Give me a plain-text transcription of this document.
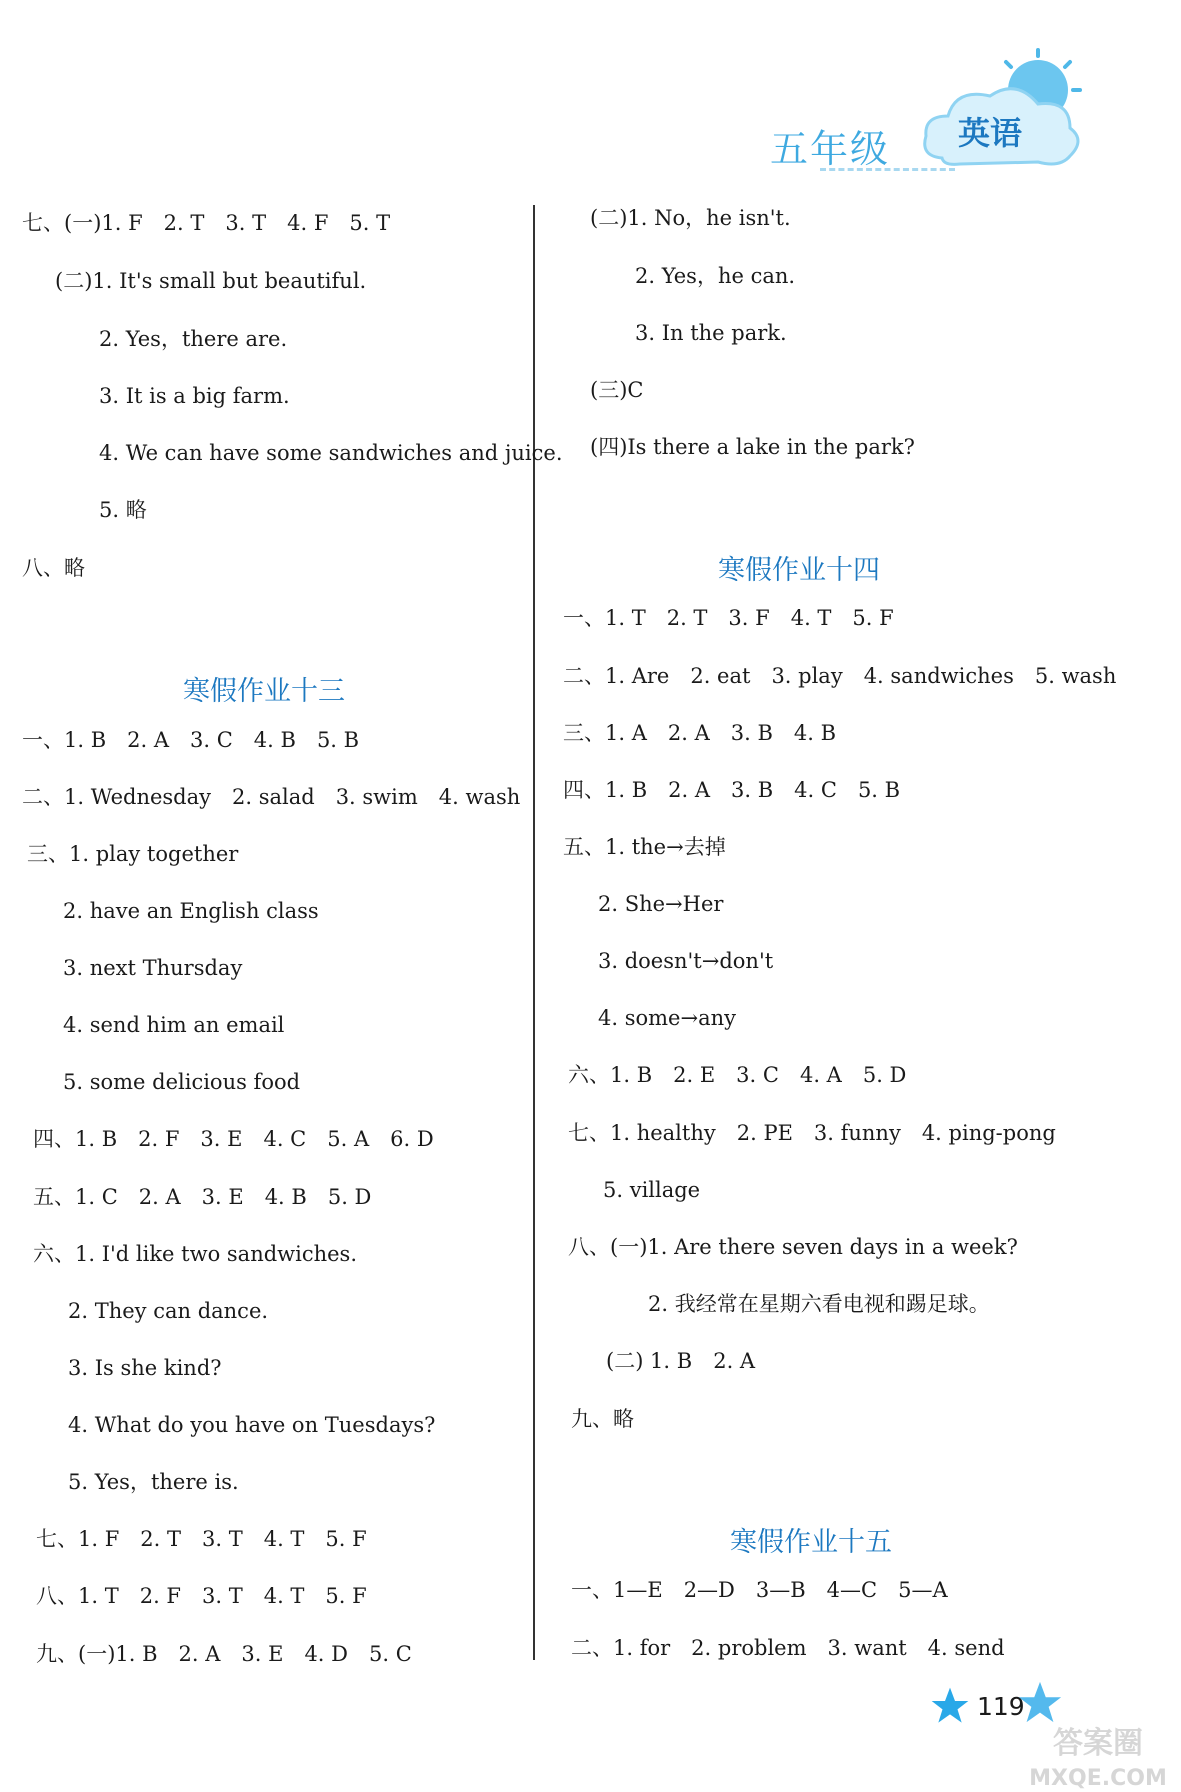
五年级 英语
七、(一)1. F　2. T　3. T　4. F　5. T
(二)1. It's small but beautiful.
2. Yes，there are.
3. It is a big farm.
4. We can have some sandwiches and juice.
5. 略
八、略
寒假作业十三
一、1. B　2. A　3. C　4. B　5. B
二、1. Wednesday　2. salad　3. swim　4. wash
三、1. play together
2. have an English class
3. next Thursday
4. send him an email
5. some delicious food
四、1. B　2. F　3. E　4. C　5. A　6. D
五、1. C　2. A　3. E　4. B　5. D
六、1. I'd like two sandwiches.
2. They can dance.
3. Is she kind?
4. What do you have on Tuesdays?
5. Yes，there is.
七、1. F　2. T　3. T　4. T　5. F
八、1. T　2. F　3. T　4. T　5. F
九、(一)1. B　2. A　3. E　4. D　5. C
(二)1. No，he isn't.
2. Yes，he can.
3. In the park.
(三)C
(四)Is there a lake in the park?
寒假作业十四
一、1. T　2. T　3. F　4. T　5. F
二、1. Are　2. eat　3. play　4. sandwiches　5. wash
三、1. A　2. A　3. B　4. B
四、1. B　2. A　3. B　4. C　5. B
五、1. the→去掉
2. She→Her
3. doesn't→don't
4. some→any
六、1. B　2. E　3. C　4. A　5. D
七、1. healthy　2. PE　3. funny　4. ping-pong
5. village
八、(一)1. Are there seven days in a week?
2. 我经常在星期六看电视和踢足球。
(二) 1. B　2. A
九、略
寒假作业十五
一、1—E　2—D　3—B　4—C　5—A
二、1. for　2. problem　3. want　4. send
119
答案圈
MXQE.COM
